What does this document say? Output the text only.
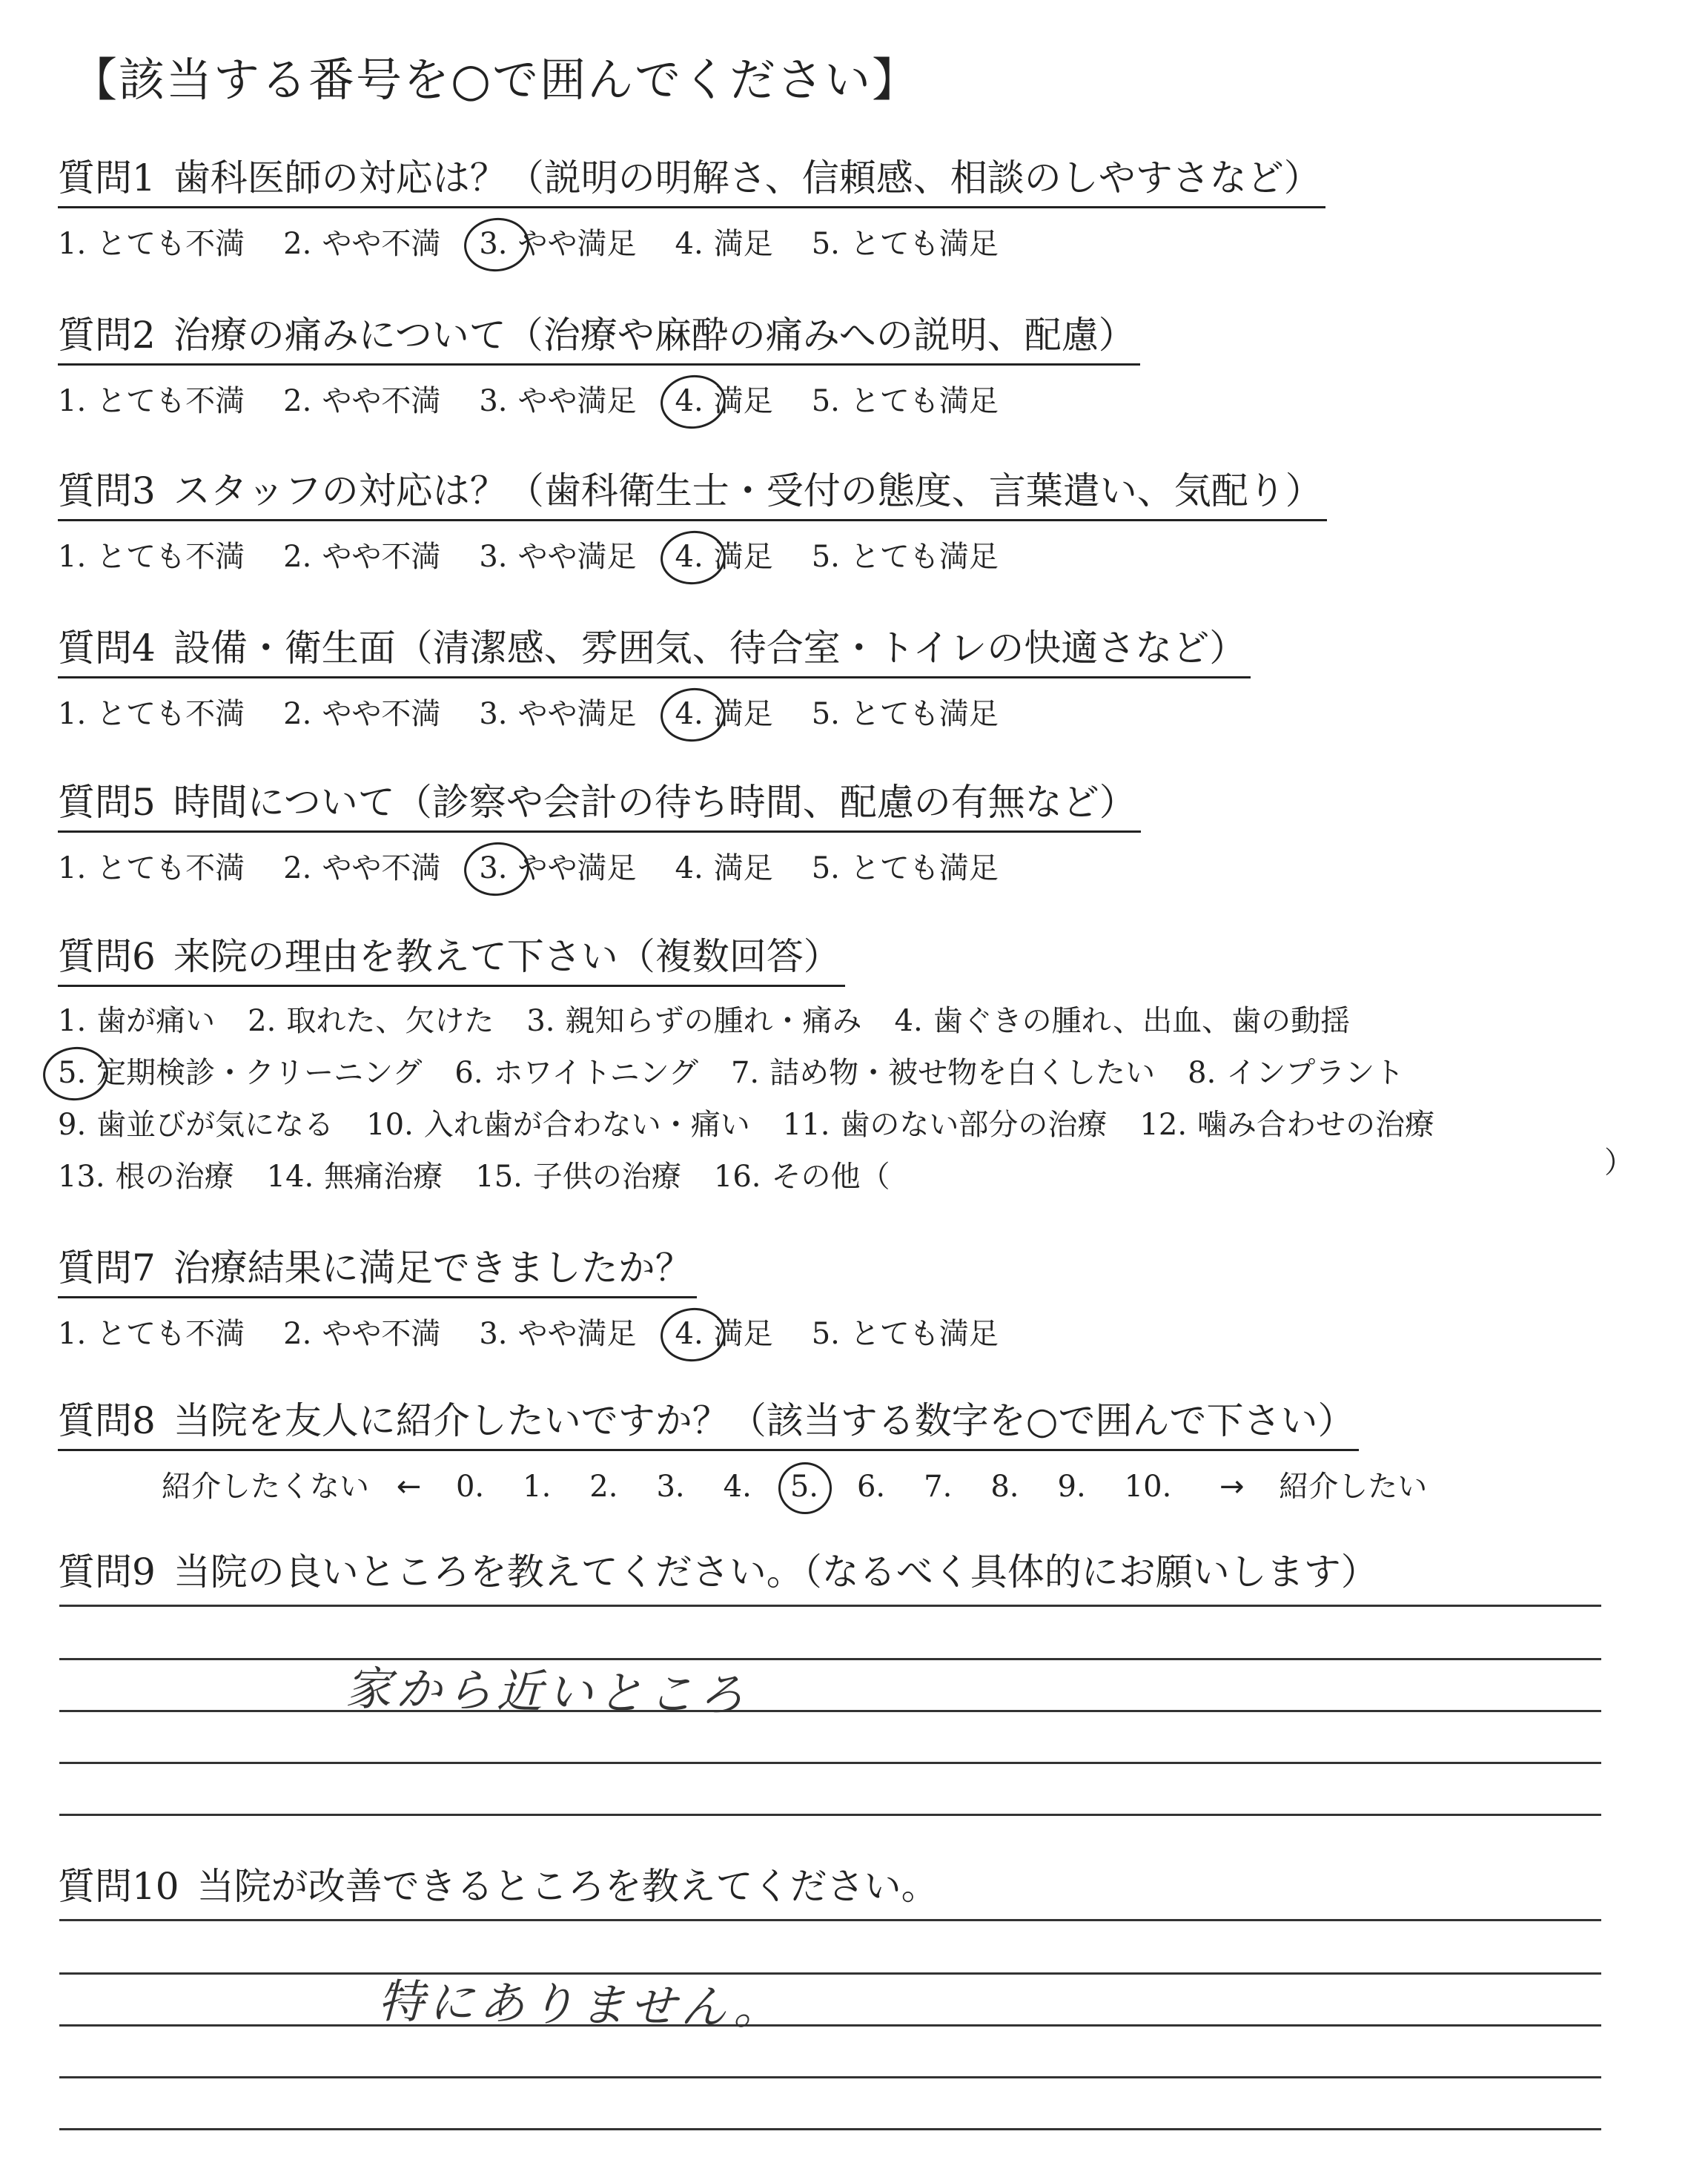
【該当する番号を○で囲んでください】
質問1 歯科医師の対応は？（説明の明解さ、信頼感、相談のしやすさなど）
1. とても不満 2. やや不満 3. やや満足 4. 満足 5. とても満足
質問2 治療の痛みについて（治療や麻酔の痛みへの説明、配慮）
1. とても不満 2. やや不満 3. やや満足 4. 満足 5. とても満足
質問3 スタッフの対応は？（歯科衛生士・受付の態度、言葉遣い、気配り）
1. とても不満 2. やや不満 3. やや満足 4. 満足 5. とても満足
質問4 設備・衛生面（清潔感、雰囲気、待合室・トイレの快適さなど）
1. とても不満 2. やや不満 3. やや満足 4. 満足 5. とても満足
質問5 時間について（診察や会計の待ち時間、配慮の有無など）
1. とても不満 2. やや不満 3. やや満足 4. 満足 5. とても満足
質問6 来院の理由を教えて下さい（複数回答）
1. 歯が痛い 2. 取れた、欠けた 3. 親知らずの腫れ・痛み 4. 歯ぐきの腫れ、出血、歯の動揺
5. 定期検診・クリーニング 6. ホワイトニング 7. 詰め物・被せ物を白くしたい 8. インプラント
9. 歯並びが気になる 10. 入れ歯が合わない・痛い 11. 歯のない部分の治療 12. 噛み合わせの治療
13. 根の治療 14. 無痛治療 15. 子供の治療 16. その他（	）
質問7 治療結果に満足できましたか？
1. とても不満 2. やや不満 3. やや満足 4. 満足 5. とても満足
質問8 当院を友人に紹介したいですか？（該当する数字を○で囲んで下さい）
紹介したくない ← 0. 1. 2. 3. 4. 5. 6. 7. 8. 9. 10. → 紹介したい
質問9 当院の良いところを教えてください。（なるべく具体的にお願いします）
家から近いところ
質問10 当院が改善できるところを教えてください。
特にありません。
